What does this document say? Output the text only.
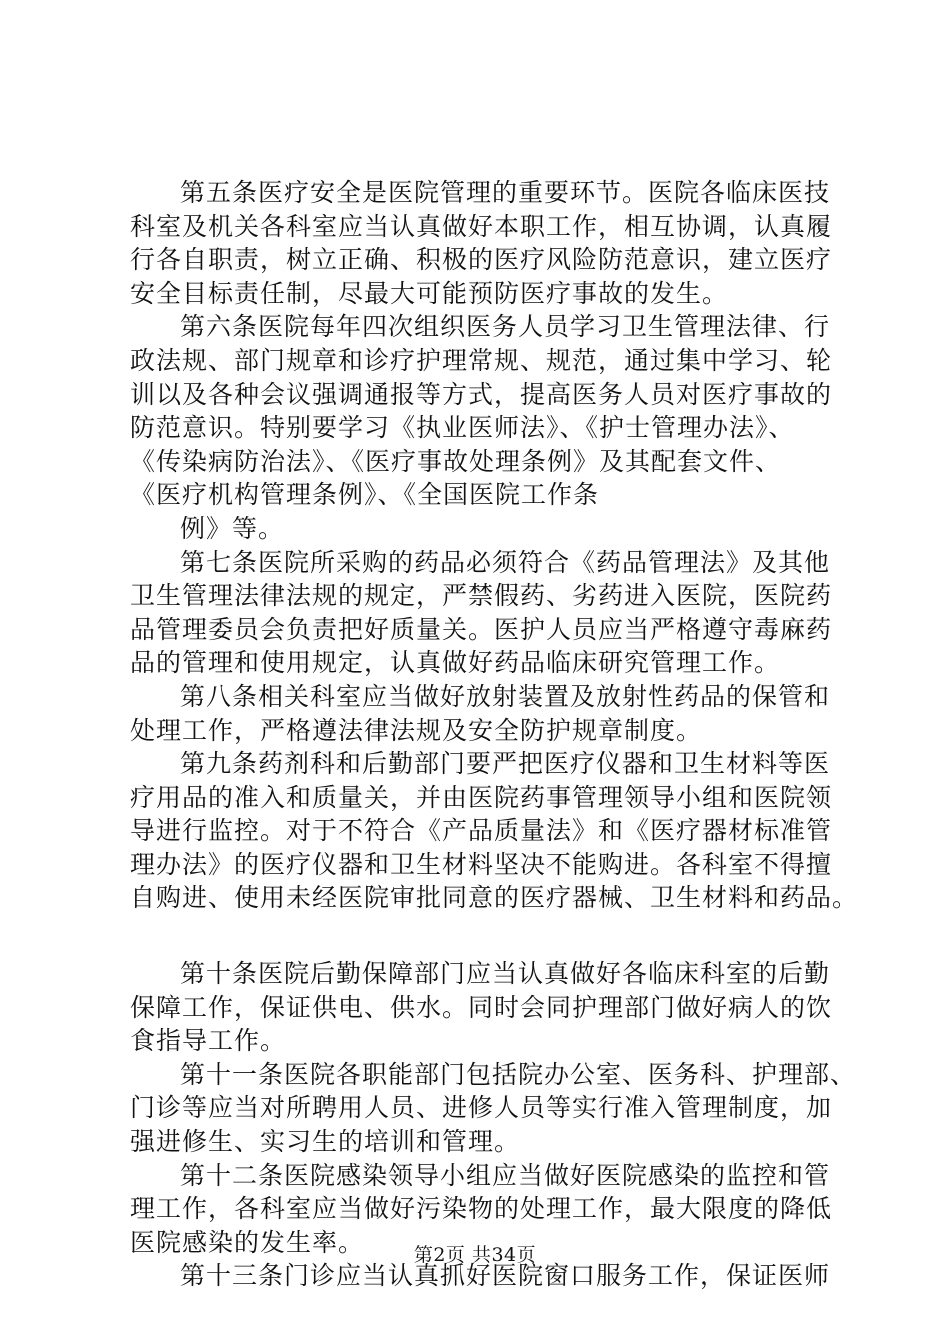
第五条医疗安全是医院管理的重要环节。医院各临床医技
科室及机关各科室应当认真做好本职工作，相互协调，认真履
行各自职责，树立正确、积极的医疗风险防范意识，建立医疗
安全目标责任制，尽最大可能预防医疗事故的发生。
第六条医院每年四次组织医务人员学习卫生管理法律、行
政法规、部门规章和诊疗护理常规、规范，通过集中学习、轮
训以及各种会议强调通报等方式，提高医务人员对医疗事故的
防范意识。特别要学习《执业医师法》、《护士管理办法》、
《传染病防治法》、《医疗事故处理条例》及其配套文件、
《医疗机构管理条例》、《全国医院工作条
例》等。
第七条医院所采购的药品必须符合《药品管理法》及其他
卫生管理法律法规的规定，严禁假药、劣药进入医院，医院药
品管理委员会负责把好质量关。医护人员应当严格遵守毒麻药
品的管理和使用规定，认真做好药品临床研究管理工作。
第八条相关科室应当做好放射装置及放射性药品的保管和
处理工作，严格遵法律法规及安全防护规章制度。
第九条药剂科和后勤部门要严把医疗仪器和卫生材料等医
疗用品的准入和质量关，并由医院药事管理领导小组和医院领
导进行监控。对于不符合《产品质量法》和《医疗器材标准管
理办法》的医疗仪器和卫生材料坚决不能购进。各科室不得擅
自购进、使用未经医院审批同意的医疗器械、卫生材料和药品。
第十条医院后勤保障部门应当认真做好各临床科室的后勤
保障工作，保证供电、供水。同时会同护理部门做好病人的饮
食指导工作。
第十一条医院各职能部门包括院办公室、医务科、护理部、
门诊等应当对所聘用人员、进修人员等实行准入管理制度，加
强进修生、实习生的培训和管理。
第十二条医院感染领导小组应当做好医院感染的监控和管
理工作，各科室应当做好污染物的处理工作，最大限度的降低
医院感染的发生率。
第十三条门诊应当认真抓好医院窗口服务工作，保证医师
第2页 共34页
